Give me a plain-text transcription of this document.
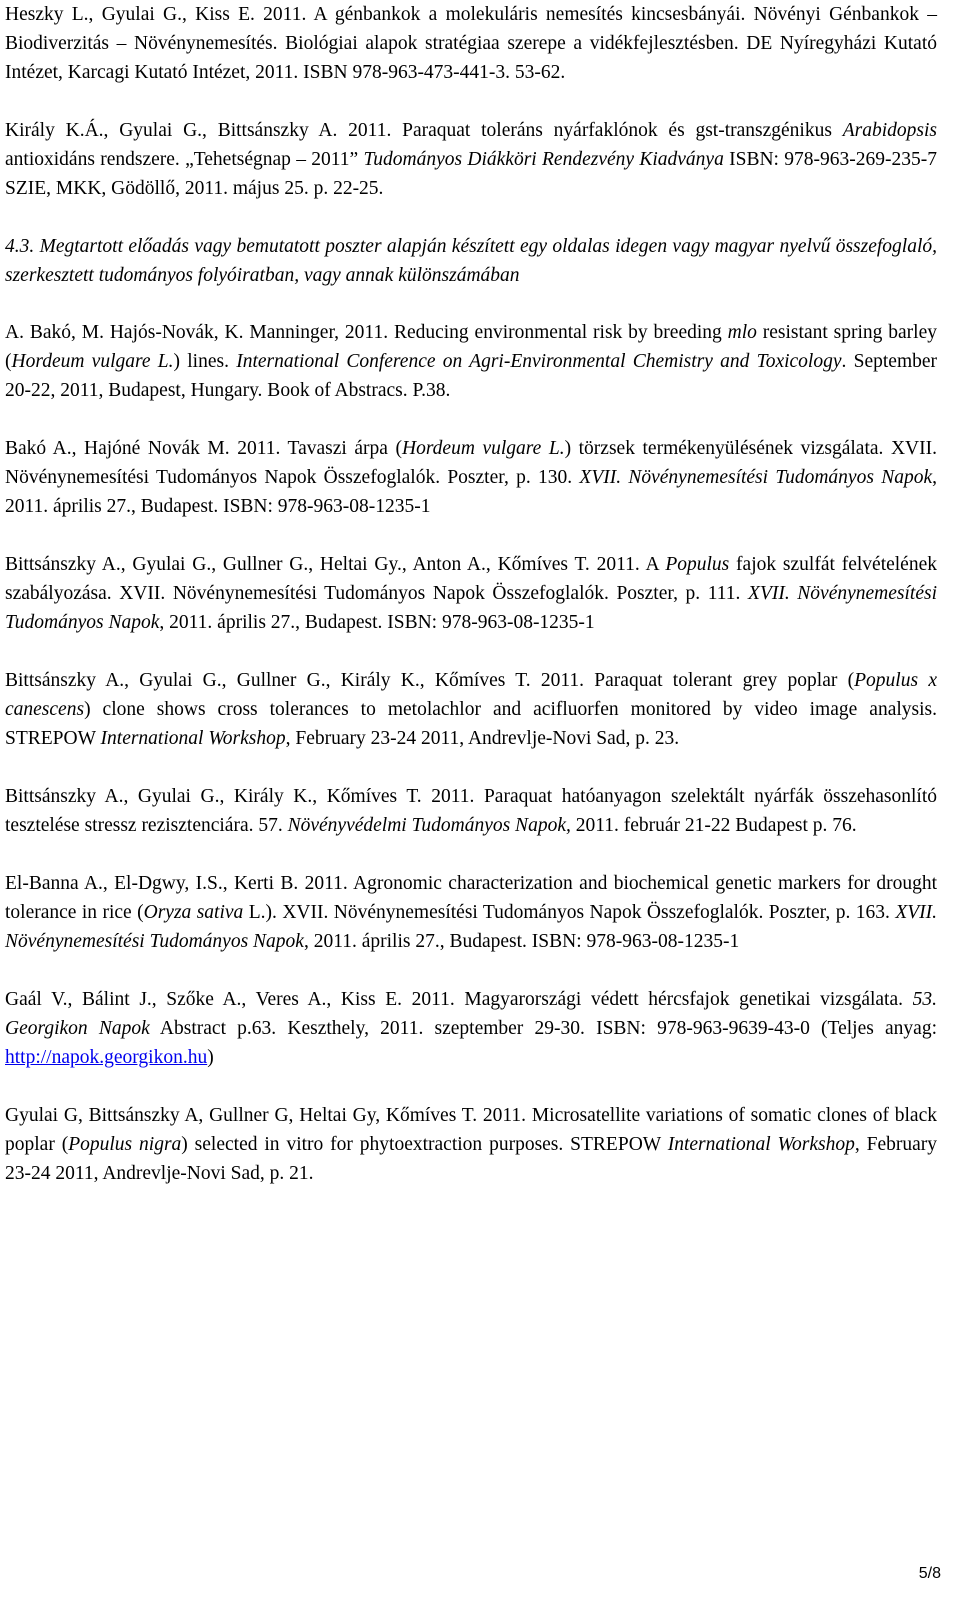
Heszky L., Gyulai G., Kiss E. 2011. A génbankok a molekuláris nemesítés kincsesbányái. Növényi Génbankok – Biodiverzitás – Növénynemesítés. Biológiai alapok stratégiaa szerepe a vidékfejlesztésben. DE Nyíregyházi Kutató Intézet, Karcagi Kutató Intézet, 2011. ISBN 978-963-473-441-3. 53-62.

Király K.Á., Gyulai G., Bittsánszky A. 2011. Paraquat toleráns nyárfaklónok és gst-transzgénikus Arabidopsis antioxidáns rendszere. „Tehetségnap – 2011” Tudományos Diákköri Rendezvény Kiadványa ISBN: 978-963-269-235-7 SZIE, MKK, Gödöllő, 2011. május 25. p. 22-25.

4.3. Megtartott előadás vagy bemutatott poszter alapján készített egy oldalas idegen vagy magyar nyelvű összefoglaló, szerkesztett tudományos folyóiratban, vagy annak különszámában

A. Bakó, M. Hajós-Novák, K. Manninger, 2011. Reducing environmental risk by breeding mlo resistant spring barley (Hordeum vulgare L.) lines. International Conference on Agri-Environmental Chemistry and Toxicology. September 20-22, 2011, Budapest, Hungary. Book of Abstracs. P.38.

Bakó A., Hajóné Novák M. 2011. Tavaszi árpa (Hordeum vulgare L.) törzsek termékenyülésének vizsgálata. XVII. Növénynemesítési Tudományos Napok Összefoglalók. Poszter, p. 130. XVII. Növénynemesítési Tudományos Napok, 2011. április 27., Budapest. ISBN: 978-963-08-1235-1

Bittsánszky A., Gyulai G., Gullner G., Heltai Gy., Anton A., Kőmíves T. 2011. A Populus fajok szulfát felvételének szabályozása. XVII. Növénynemesítési Tudományos Napok Összefoglalók. Poszter, p. 111. XVII. Növénynemesítési Tudományos Napok, 2011. április 27., Budapest. ISBN: 978-963-08-1235-1

Bittsánszky A., Gyulai G., Gullner G., Király K., Kőmíves T. 2011. Paraquat tolerant grey poplar (Populus x canescens) clone shows cross tolerances to metolachlor and acifluorfen monitored by video image analysis. STREPOW International Workshop, February 23-24 2011, Andrevlje-Novi Sad, p. 23.

Bittsánszky A., Gyulai G., Király K., Kőmíves T. 2011. Paraquat hatóanyagon szelektált nyárfák összehasonlító tesztelése stressz rezisztenciára. 57. Növényvédelmi Tudományos Napok, 2011. február 21-22 Budapest p. 76.

El-Banna A., El-Dgwy, I.S., Kerti B. 2011. Agronomic characterization and biochemical genetic markers for drought tolerance in rice (Oryza sativa L.). XVII. Növénynemesítési Tudományos Napok Összefoglalók. Poszter, p. 163. XVII. Növénynemesítési Tudományos Napok, 2011. április 27., Budapest. ISBN: 978-963-08-1235-1

Gaál V., Bálint J., Szőke A., Veres A., Kiss E. 2011. Magyarországi védett hércsfajok genetikai vizsgálata. 53. Georgikon Napok Abstract p.63. Keszthely, 2011. szeptember 29-30. ISBN: 978-963-9639-43-0 (Teljes anyag: http://napok.georgikon.hu)

Gyulai G, Bittsánszky A, Gullner G, Heltai Gy, Kőmíves T. 2011. Microsatellite variations of somatic clones of black poplar (Populus nigra) selected in vitro for phytoextraction purposes. STREPOW International Workshop, February 23-24 2011, Andrevlje-Novi Sad, p. 21.

5/8
